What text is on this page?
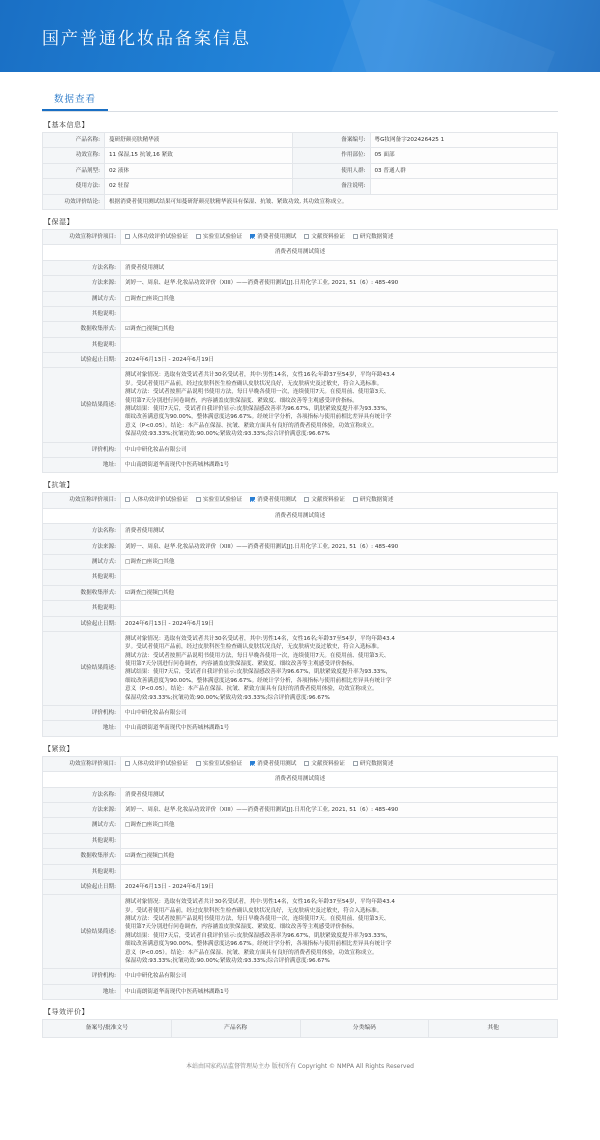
国产普通化妆品备案信息
数据查看
【基本信息】
产品名称:	蔓研舒颜亮肤精华液	备案编号:	粤G妆网备字202426425 1
功效宣称:	11 保湿,15 抗皱,16 紧致	作用部位:	05 面部
产品剂型:	02 液体	使用人群:	03 普通人群
使用方法:	02 驻留	备注说明:	
功效评价结论:	根据消费者使用测试结果可知蔓研舒颜亮肤精华液具有保湿、抗皱、紧致功效, 其功效宣称成立。		
【保湿】
功效宣称评价项目:	人体功效评价试验验证 实验室试验验证 消费者使用测试 文献资料验证 研究数据简述
消费者使用测试简述	
方法名称:	消费者使用测试
方法来源:	刘婷一、周泉、赵华.化妆品功效评价（XIII）——消费者使用测试[J].日用化学工业, 2021, 51（6）: 485-490
测试方式:	□调查□座谈□其他
其他说明:	
数据收集形式:	☑调查□视频□其他
其他说明:	
试验起止日期:	2024年6月13日 - 2024年6月19日
试验结果简述:	
测试对象情况：选取有效受试者共计30名受试者，其中:男性14名，女性16名;年龄37至54岁，平均年龄43.4
岁。受试者使用产品前，经过皮肤科医生检查确认皮肤状况良好，无皮肤病史及过敏史，符合入选标准。
测试方法：受试者按照产品说明书使用方法，每日早晚各使用一次，连续使用7天。在使用前、使用第3天、
使用第7天分别进行问卷调查，内容涵盖皮肤保湿度、紧致度、细纹改善等主观感受评价指标。
测试结果：使用7天后，受试者自我评价显示:皮肤保湿感改善率为96.67%，肌肤紧致度提升率为93.33%，
细纹改善满意度为90.00%，整体满意度达96.67%。经统计学分析，各项指标与使用前相比差异具有统计学
意义（P<0.05）。结论：本产品在保湿、抗皱、紧致方面具有良好的消费者使用体验，功效宣称成立。
保湿功效:93.33%;抗皱功效:90.00%;紧致功效:93.33%;综合评价满意度:96.67%

评价机构:	中山中研化妆品有限公司
地址:	中山南朗街道华南现代中医药城林湖路1号
【抗皱】
功效宣称评价项目:	人体功效评价试验验证 实验室试验验证 消费者使用测试 文献资料验证 研究数据简述
消费者使用测试简述	
方法名称:	消费者使用测试
方法来源:	刘婷一、周泉、赵华.化妆品功效评价（XIII）——消费者使用测试[J].日用化学工业, 2021, 51（6）: 485-490
测试方式:	□调查□座谈□其他
其他说明:	
数据收集形式:	☑调查□视频□其他
其他说明:	
试验起止日期:	2024年6月13日 - 2024年6月19日
试验结果简述:	
测试对象情况：选取有效受试者共计30名受试者，其中:男性14名，女性16名;年龄37至54岁，平均年龄43.4
岁。受试者使用产品前，经过皮肤科医生检查确认皮肤状况良好，无皮肤病史及过敏史，符合入选标准。
测试方法：受试者按照产品说明书使用方法，每日早晚各使用一次，连续使用7天。在使用前、使用第3天、
使用第7天分别进行问卷调查，内容涵盖皮肤保湿度、紧致度、细纹改善等主观感受评价指标。
测试结果：使用7天后，受试者自我评价显示:皮肤保湿感改善率为96.67%，肌肤紧致度提升率为93.33%，
细纹改善满意度为90.00%，整体满意度达96.67%。经统计学分析，各项指标与使用前相比差异具有统计学
意义（P<0.05）。结论：本产品在保湿、抗皱、紧致方面具有良好的消费者使用体验，功效宣称成立。
保湿功效:93.33%;抗皱功效:90.00%;紧致功效:93.33%;综合评价满意度:96.67%

评价机构:	中山中研化妆品有限公司
地址:	中山南朗街道华南现代中医药城林湖路1号
【紧致】
功效宣称评价项目:	人体功效评价试验验证 实验室试验验证 消费者使用测试 文献资料验证 研究数据简述
消费者使用测试简述	
方法名称:	消费者使用测试
方法来源:	刘婷一、周泉、赵华.化妆品功效评价（XIII）——消费者使用测试[J].日用化学工业, 2021, 51（6）: 485-490
测试方式:	□调查□座谈□其他
其他说明:	
数据收集形式:	☑调查□视频□其他
其他说明:	
试验起止日期:	2024年6月13日 - 2024年6月19日
试验结果简述:	
测试对象情况：选取有效受试者共计30名受试者，其中:男性14名，女性16名;年龄37至54岁，平均年龄43.4
岁。受试者使用产品前，经过皮肤科医生检查确认皮肤状况良好，无皮肤病史及过敏史，符合入选标准。
测试方法：受试者按照产品说明书使用方法，每日早晚各使用一次，连续使用7天。在使用前、使用第3天、
使用第7天分别进行问卷调查，内容涵盖皮肤保湿度、紧致度、细纹改善等主观感受评价指标。
测试结果：使用7天后，受试者自我评价显示:皮肤保湿感改善率为96.67%，肌肤紧致度提升率为93.33%，
细纹改善满意度为90.00%，整体满意度达96.67%。经统计学分析，各项指标与使用前相比差异具有统计学
意义（P<0.05）。结论：本产品在保湿、抗皱、紧致方面具有良好的消费者使用体验，功效宣称成立。
保湿功效:93.33%;抗皱功效:90.00%;紧致功效:93.33%;综合评价满意度:96.67%

评价机构:	中山中研化妆品有限公司
地址:	中山南朗街道华南现代中医药城林湖路1号
【导效评价】
备案号/批准文号	产品名称	分类编码	其他
本站由国家药品监督管理局主办 版权所有 Copyright © NMPA All Rights Reserved
